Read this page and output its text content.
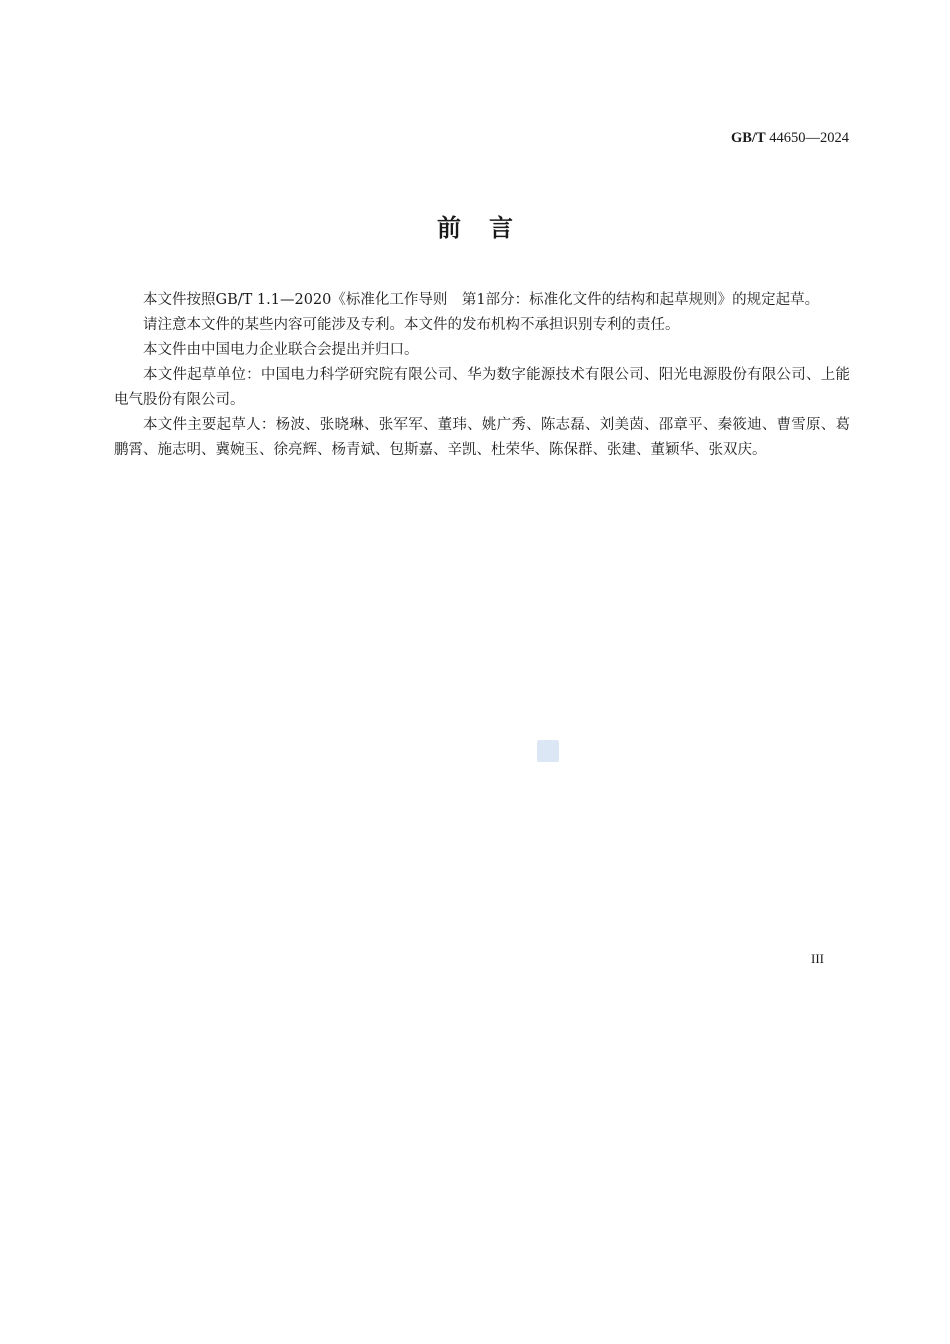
GB/T 44650—2024
前言

本文件按照GB/T 1.1—2020《标准化工作导则　第1部分：标准化文件的结构和起草规则》的规定起草。

请注意本文件的某些内容可能涉及专利。本文件的发布机构不承担识别专利的责任。

本文件由中国电力企业联合会提出并归口。

本文件起草单位：中国电力科学研究院有限公司、华为数字能源技术有限公司、阳光电源股份有限公司、上能电气股份有限公司。

本文件主要起草人：杨波、张晓琳、张军军、董玮、姚广秀、陈志磊、刘美茵、邵章平、秦筱迪、曹雪原、葛鹏霄、施志明、冀婉玉、徐亮辉、杨青斌、包斯嘉、辛凯、杜荣华、陈保群、张建、董颖华、张双庆。

III
